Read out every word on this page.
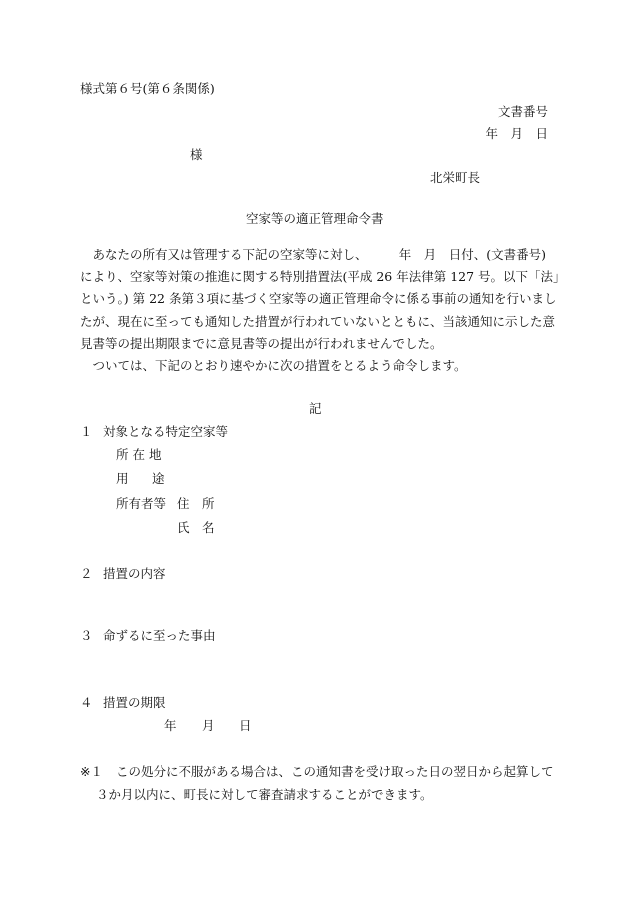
様式第６号(第６条関係)
文書番号
年　月　日
様
北栄町長
空家等の適正管理命令書
　あなたの所有又は管理する下記の空家等に対し、　　　年　月　日付、(文書番号)
により、空家等対策の推進に関する特別措置法(平成 26 年法律第 127 号。以下「法」
という。) 第 22 条第３項に基づく空家等の適正管理命令に係る事前の通知を行いまし
たが、現在に至っても通知した措置が行われていないとともに、当該通知に示した意
見書等の提出期限までに意見書等の提出が行われませんでした。
　ついては、下記のとおり速やかに次の措置をとるよう命令します。
記
１ 対象となる特定空家等
所 在 地
用 途
所有者等 住　所
氏　名
２ 措置の内容
３ 命ずるに至った事由
４ 措置の期限
年 月 日
※１ この処分に不服がある場合は、この通知書を受け取った日の翌日から起算して
３か月以内に、町長に対して審査請求することができます。
